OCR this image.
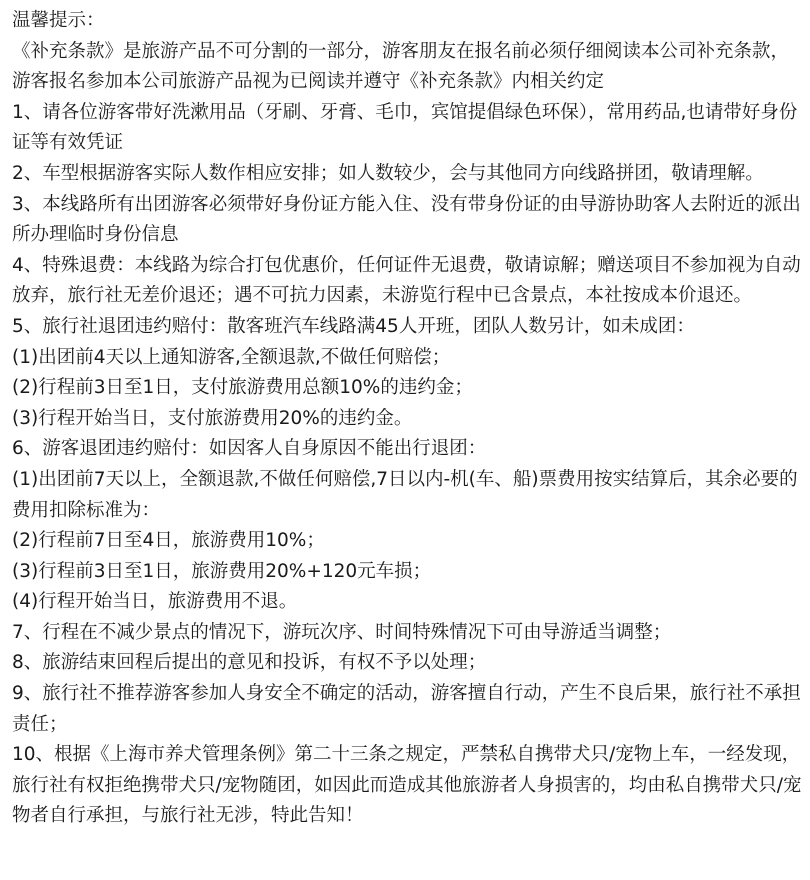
温馨提示：

《补充条款》是旅游产品不可分割的一部分，游客朋友在报名前必须仔细阅读本公司补充条款，游客报名参加本公司旅游产品视为已阅读并遵守《补充条款》内相关约定

1、请各位游客带好洗漱用品（牙刷、牙膏、毛巾，宾馆提倡绿色环保），常用药品,也请带好身份证等有效凭证

2、车型根据游客实际人数作相应安排；如人数较少，会与其他同方向线路拼团，敬请理解。

3、本线路所有出团游客必须带好身份证方能入住、没有带身份证的由导游协助客人去附近的派出所办理临时身份信息

4、特殊退费：本线路为综合打包优惠价，任何证件无退费，敬请谅解；赠送项目不参加视为自动放弃，旅行社无差价退还；遇不可抗力因素，未游览行程中已含景点，本社按成本价退还。

5、旅行社退团违约赔付：散客班汽车线路满45人开班，团队人数另计，如未成团：

(1)出团前4天以上通知游客,全额退款,不做任何赔偿；

(2)行程前3日至1日，支付旅游费用总额10%的违约金；

(3)行程开始当日，支付旅游费用20%的违约金。

6、游客退团违约赔付：如因客人自身原因不能出行退团：

(1)出团前7天以上，全额退款,不做任何赔偿,7日以内-机(车、船)票费用按实结算后，其余必要的费用扣除标准为：

(2)行程前7日至4日，旅游费用10%；

(3)行程前3日至1日，旅游费用20%+120元车损；

(4)行程开始当日，旅游费用不退。

7、行程在不减少景点的情况下，游玩次序、时间特殊情况下可由导游适当调整；

8、旅游结束回程后提出的意见和投诉，有权不予以处理；

9、旅行社不推荐游客参加人身安全不确定的活动，游客擅自行动，产生不良后果，旅行社不承担责任；

10、根据《上海市养犬管理条例》第二十三条之规定，严禁私自携带犬只/宠物上车，一经发现，旅行社有权拒绝携带犬只/宠物随团，如因此而造成其他旅游者人身损害的，均由私自携带犬只/宠物者自行承担，与旅行社无涉，特此告知！
